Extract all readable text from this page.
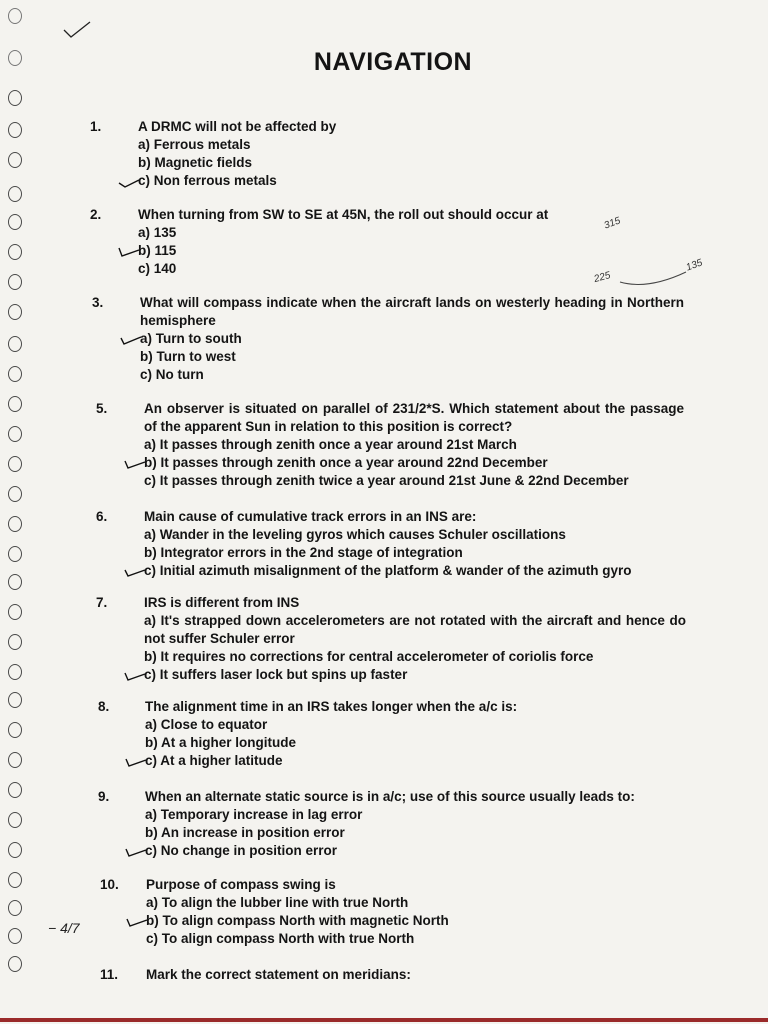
NAVIGATION
1.	A DRMC will not be affected by
a) Ferrous metals
b) Magnetic fields
c) Non ferrous metals
2.	When turning from SW to SE at 45N, the roll out should occur at
a) 135
b) 115
c) 140
315
225
135
3.	What will compass indicate when the aircraft lands on westerly heading in Northern hemisphere
a) Turn to south
b) Turn to west
c) No turn
5.	An observer is situated on parallel of 231/2*S. Which statement about the passage of the apparent Sun in relation to this position is correct?
a) It passes through zenith once a year around 21st March
b) It passes through zenith once a year around 22nd December
c) It passes through zenith twice a year around 21st June & 22nd December
6.	Main cause of cumulative track errors in an INS are:
a) Wander in the leveling gyros which causes Schuler oscillations
b) Integrator errors in the 2nd stage of integration
c) Initial azimuth misalignment of the platform & wander of the azimuth gyro
7.	IRS is different from INS
a) It's strapped down accelerometers are not rotated with the aircraft and hence do not suffer Schuler error
b) It requires no corrections for central accelerometer of coriolis force
c) It suffers laser lock but spins up faster
8.	The alignment time in an IRS takes longer when the a/c is:
a) Close to equator
b) At a higher longitude
c) At a higher latitude
9.	When an alternate static source is in a/c; use of this source usually leads to:
a) Temporary increase in lag error
b) An increase in position error
c) No change in position error
10. Purpose of compass swing is
a) To align the lubber line with true North
b) To align compass North with magnetic North
c) To align compass North with true North
− 4/7
11. Mark the correct statement on meridians:
